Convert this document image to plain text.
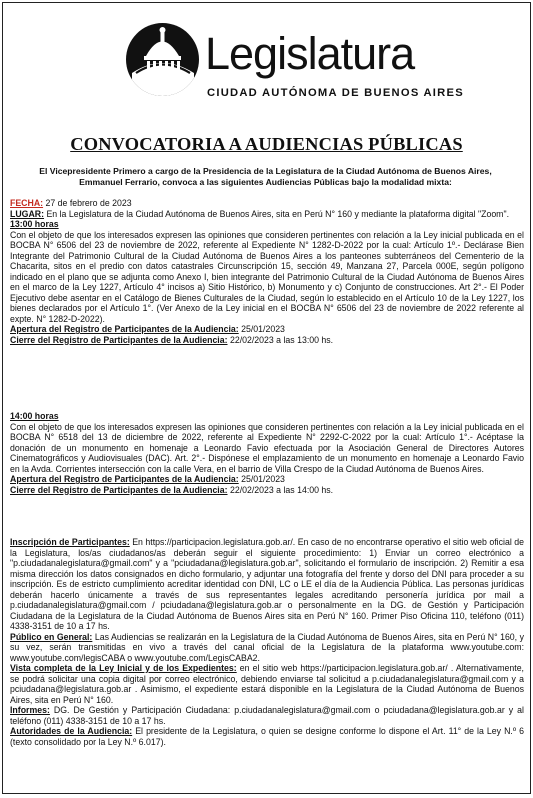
Legislatura
CIUDAD AUTÓNOMA DE BUENOS AIRES
CONVOCATORIA A AUDIENCIAS PÚBLICAS
El Vicepresidente Primero a cargo de la Presidencia de la Legislatura de la Ciudad Autónoma de Buenos Aires, Emmanuel Ferrario, convoca a las siguientes Audiencias Públicas bajo la modalidad mixta:

FECHA: 27 de febrero de 2023

LUGAR: En la Legislatura de la Ciudad Autónoma de Buenos Aires, sita en Perú N° 160 y mediante la plataforma digital "Zoom".

13:00 horas

Con el objeto de que los interesados expresen las opiniones que consideren pertinentes con relación a la Ley inicial publicada en el BOCBA N° 6506 del 23 de noviembre de 2022, referente al Expediente N° 1282-D-2022 por la cual: Artículo 1º.- Declárase Bien Integrante del Patrimonio Cultural de la Ciudad Autónoma de Buenos Aires a los panteones subterráneos del Cementerio de la Chacarita, sitos en el predio con datos catastrales Circunscripción 15, sección 49, Manzana 27, Parcela 000E, según polígono indicado en el plano que se adjunta como Anexo I, bien integrante del Patrimonio Cultural de la Ciudad Autónoma de Buenos Aires en el marco de la Ley 1227, Artículo 4° incisos a) Sitio Histórico, b) Monumento y c) Conjunto de construcciones. Art 2°.- El Poder Ejecutivo debe asentar en el Catálogo de Bienes Culturales de la Ciudad, según lo establecido en el Artículo 10 de la Ley 1227, los bienes declarados por el Artículo 1°. (Ver Anexo de la Ley inicial en el BOCBA N° 6506 del 23 de noviembre de 2022 referente al expte. N° 1282-D-2022).

Apertura del Registro de Participantes de la Audiencia: 25/01/2023

Cierre del Registro de Participantes de la Audiencia: 22/02/2023 a las 13:00 hs.

14:00 horas

Con el objeto de que los interesados expresen las opiniones que consideren pertinentes con relación a la Ley inicial publicada en el BOCBA N° 6518 del 13 de diciembre de 2022, referente al Expediente N° 2292-C-2022 por la cual: Artículo 1°.- Acéptase la donación de un monumento en homenaje a Leonardo Favio efectuada por la Asociación General de Directores Autores Cinematográficos y Audiovisuales (DAC). Art. 2°.- Dispónese el emplazamiento de un monumento en homenaje a Leonardo Favio en la Avda. Corrientes intersección con la calle Vera, en el barrio de Villa Crespo de la Ciudad Autónoma de Buenos Aires.

Apertura del Registro de Participantes de la Audiencia: 25/01/2023

Cierre del Registro de Participantes de la Audiencia: 22/02/2023 a las 14:00 hs.

Inscripción de Participantes: En https://participacion.legislatura.gob.ar/. En caso de no encontrarse operativo el sitio web oficial de la Legislatura, los/as ciudadanos/as deberán seguir el siguiente procedimiento: 1) Enviar un correo electrónico a "p.ciudadanalegislatura@gmail.com" y a "pciudadana@legislatura.gob.ar", solicitando el formulario de inscripción. 2) Remitir a esa misma dirección los datos consignados en dicho formulario, y adjuntar una fotografía del frente y dorso del DNI para proceder a su inscripción. Es de estricto cumplimiento acreditar identidad con DNI, LC o LE el día de la Audiencia Pública. Las personas jurídicas deberán hacerlo únicamente a través de sus representantes legales acreditando personería jurídica por mail a p.ciudadanalegislatura@gmail.com / pciudadana@legislatura.gob.ar o personalmente en la DG. de Gestión y Participación Ciudadana de la Legislatura de la Ciudad Autónoma de Buenos Aires sita en Perú N° 160. Primer Piso Oficina 110, teléfono (011) 4338-3151 de 10 a 17 hs.

Público en General: Las Audiencias se realizarán en la Legislatura de la Ciudad Autónoma de Buenos Aires, sita en Perú N° 160, y su vez, serán transmitidas en vivo a través del canal oficial de la Legislatura de la plataforma www.youtube.com: www.youtube.com/legisCABA o www.youtube.com/LegisCABA2.

Vista completa de la Ley Inicial y de los Expedientes: en el sitio web https://participacion.legislatura.gob.ar/ . Alternativamente, se podrá solicitar una copia digital por correo electrónico, debiendo enviarse tal solicitud a p.ciudadanalegislatura@gmail.com y a pciudadana@legislatura.gob.ar . Asimismo, el expediente estará disponible en la Legislatura de la Ciudad Autónoma de Buenos Aires, sita en Perú N° 160.

Informes: DG. De Gestión y Participación Ciudadana: p.ciudadanalegislatura@gmail.com o pciudadana@legislatura.gob.ar y al teléfono (011) 4338-3151 de 10 a 17 hs.

Autoridades de la Audiencia: El presidente de la Legislatura, o quien se designe conforme lo dispone el Art. 11° de la Ley N.º 6 (texto consolidado por la Ley N.º 6.017).
